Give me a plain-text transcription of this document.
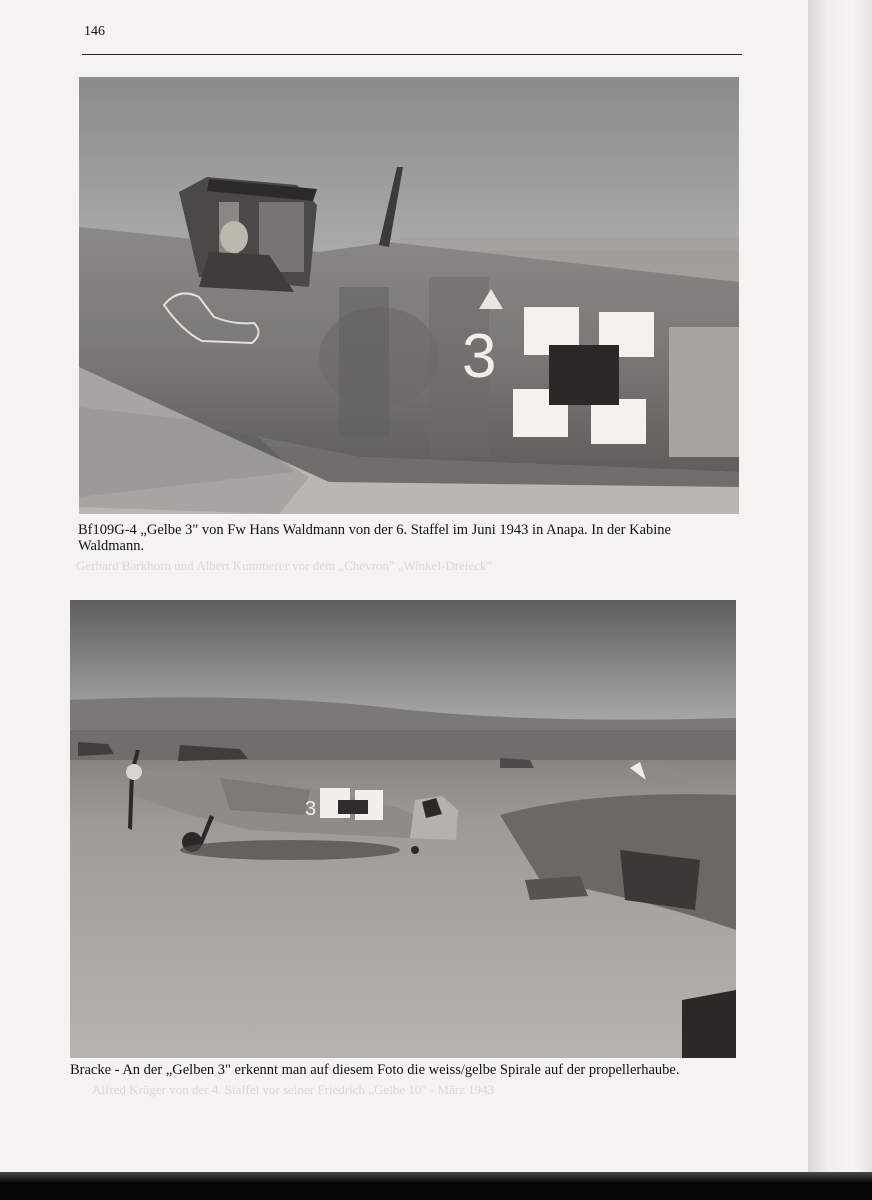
146
3
Bf109G-4 „Gelbe 3" von Fw Hans Waldmann von der 6. Staffel im Juni 1943 in Anapa. In der Kabine Waldmann.
Gerhard Barkhorn und Albert Kummerer vor dem „Chevron" „Winkel-Dreieck"
3
Bracke - An der „Gelben 3" erkennt man auf diesem Foto die weiss/gelbe Spirale auf der propellerhaube.
Alfred Krüger von der 4. Staffel vor seiner Friedrich „Gelbe 10" - März 1943
